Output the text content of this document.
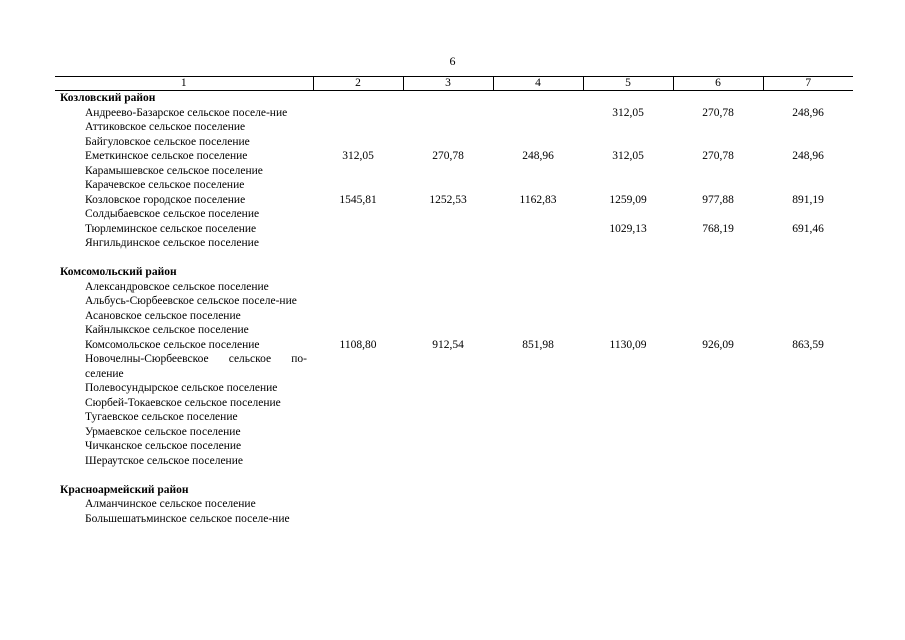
6
1	2	3	4	5	6	7
Козловский район						
Андреево-Базарское сельское поселе-ние				312,05	270,78	248,96
Аттиковское сельское поселение						
Байгуловское сельское поселение						
Еметкинское сельское поселение	312,05	270,78	248,96	312,05	270,78	248,96
Карамышевское сельское поселение						
Карачевское сельское поселение						
Козловское городское поселение	1545,81	1252,53	1162,83	1259,09	977,88	891,19
Солдыбаевское сельское поселение						
Тюрлеминское сельское поселение				1029,13	768,19	691,46
Янгильдинское сельское поселение						

Комсомольский район						
Александровское сельское поселение						
Альбусь-Сюрбеевское сельское поселе-ние						
Асановское сельское поселение						
Кайнлыкское сельское поселение						
Комсомольское сельское поселение	1108,80	912,54	851,98	1130,09	926,09	863,59
Новочелны-Сюрбеевское сельское по-селение						
Полевосундырское сельское поселение						
Сюрбей-Токаевское сельское поселение						
Тугаевское сельское поселение						
Урмаевское сельское поселение						
Чичканское сельское поселение						
Шераутское сельское поселение						

Красноармейский район						
Алманчинское сельское поселение						
Большешатьминское сельское поселе-ние						
